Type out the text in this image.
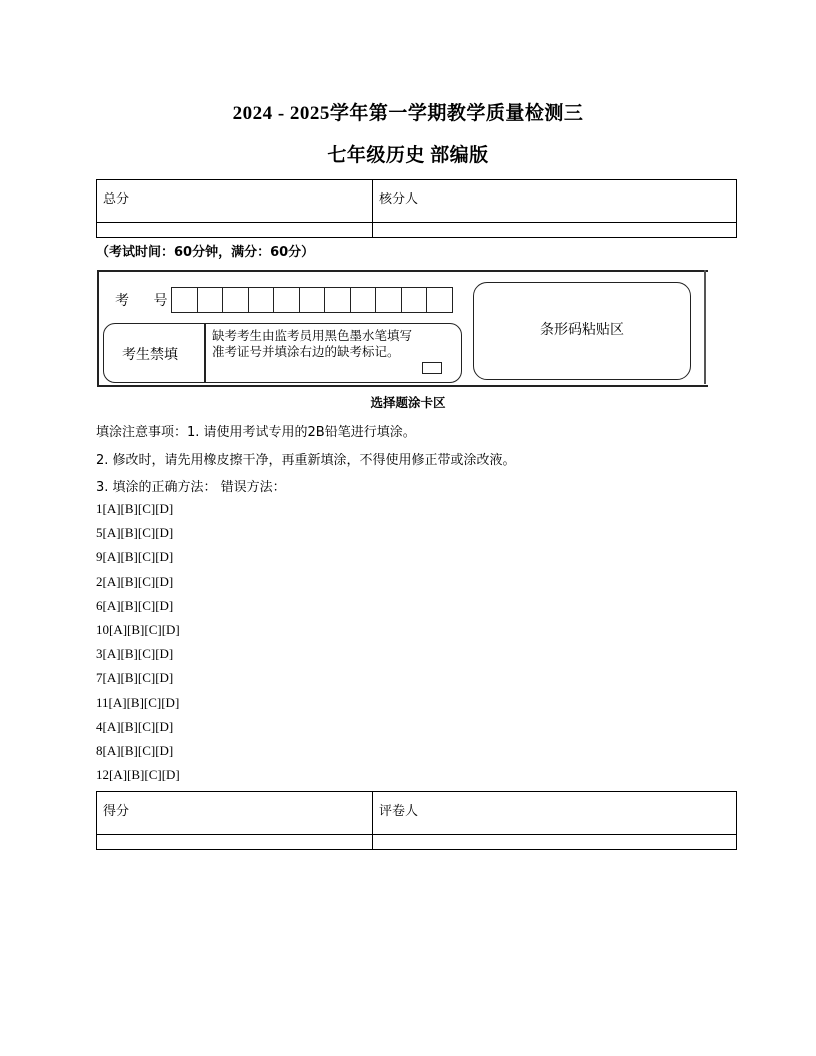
2024 - 2025学年第一学期教学质量检测三
七年级历史 部编版
总分	核分人

（考试时间：60分钟，满分：60分）
考 号
考生禁填
缺考考生由监考员用黑色墨水笔填写准考证号并填涂右边的缺考标记。
条形码粘贴区
选择题涂卡区
填涂注意事项：1. 请使用考试专用的2B铅笔进行填涂。
2. 修改时，请先用橡皮擦干净，再重新填涂，不得使用修正带或涂改液。
3. 填涂的正确方法： 错误方法：
1[A][B][C][D]
5[A][B][C][D]
9[A][B][C][D]
2[A][B][C][D]
6[A][B][C][D]
10[A][B][C][D]
3[A][B][C][D]
7[A][B][C][D]
11[A][B][C][D]
4[A][B][C][D]
8[A][B][C][D]
12[A][B][C][D]
得分	评卷人
